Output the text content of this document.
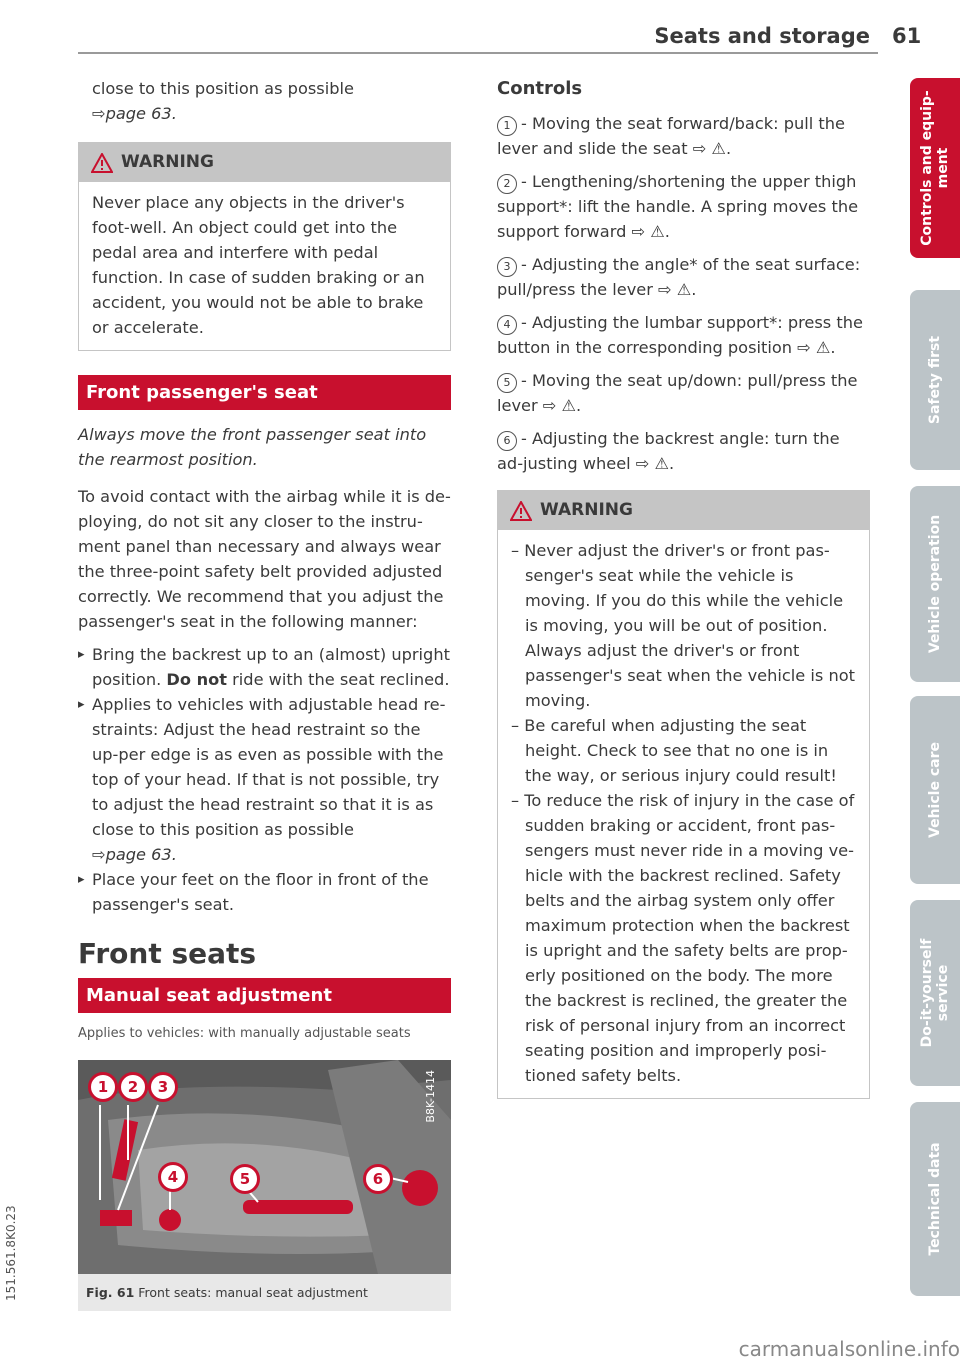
Seats and storage 61
Controls and equip-
ment
Safety first
Vehicle operation
Vehicle care
Do-it-yourself
service
Technical data

close to this position as possible

⇨page 63.

WARNING
Never place any objects in the driver's foot-well. An object could get into the pedal area and interfere with pedal function. In case of sudden braking or an accident, you would not be able to brake or accelerate.
Front passenger's seat

Always move the front passenger seat into the rearmost position.

To avoid contact with the airbag while it is de-ploying, do not sit any closer to the instru-ment panel than necessary and always wear the three-point safety belt provided adjusted correctly. We recommend that you adjust the passenger's seat in the following manner:

▸ Bring the backrest up to an (almost) upright position. Do not ride with the seat reclined.
▸ Applies to vehicles with adjustable head re-straints: Adjust the head restraint so the up-per edge is as even as possible with the top of your head. If that is not possible, try to adjust the head restraint so that it is as close to this position as possible
⇨page 63.
▸ Place your feet on the floor in front of the passenger's seat.
Front seats
Manual seat adjustment

Applies to vehicles: with manually adjustable seats

1	2	3
4	5	6
B8K-1414
Fig. 61 Front seats: manual seat adjustment
Controls

1 - Moving the seat forward/back: pull the lever and slide the seat ⇨ ⚠.

2 - Lengthening/shortening the upper thigh support*: lift the handle. A spring moves the support forward ⇨ ⚠.

3 - Adjusting the angle* of the seat surface: pull/press the lever ⇨ ⚠.

4 - Adjusting the lumbar support*: press the button in the corresponding position ⇨ ⚠.

5 - Moving the seat up/down: pull/press the lever ⇨ ⚠.

6 - Adjusting the backrest angle: turn the ad-justing wheel ⇨ ⚠.

WARNING

– Never adjust the driver's or front pas-senger's seat while the vehicle is moving. If you do this while the vehicle is moving, you will be out of position. Always adjust the driver's or front passenger's seat when the vehicle is not moving.

– Be careful when adjusting the seat height. Check to see that no one is in the way, or serious injury could result!

– To reduce the risk of injury in the case of sudden braking or accident, front pas-sengers must never ride in a moving ve-hicle with the backrest reclined. Safety belts and the airbag system only offer maximum protection when the backrest is upright and the safety belts are prop-erly positioned on the body. The more the backrest is reclined, the greater the risk of personal injury from an incorrect seating position and improperly posi-tioned safety belts.

151.561.8K0.23
carmanualsonline.info
